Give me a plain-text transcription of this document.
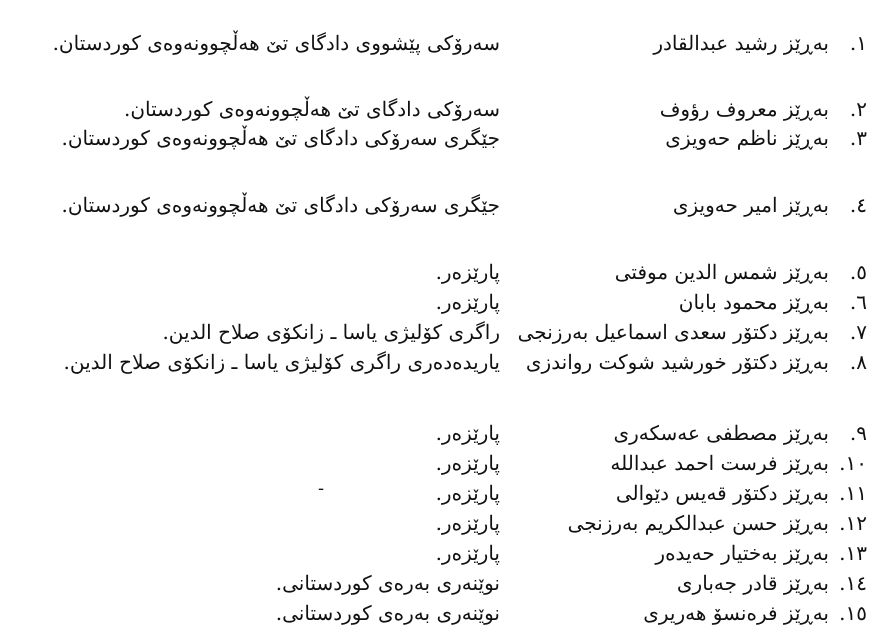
١.
بەڕێز رشید عبدالقادر
سەرۆکی پێشووی دادگای تێ هەڵچوونەوەی کوردستان.
٢.
بەڕێز معروف رؤوف
سەرۆکی دادگای تێ هەڵچوونەوەی کوردستان.
٣.
بەڕێز ناظم حەویزی
جێگری سەرۆکی دادگای تێ هەڵچوونەوەی کوردستان.
٤.
بەڕێز امیر حەویزی
جێگری سەرۆکی دادگای تێ هەڵچوونەوەی کوردستان.
٥.
بەڕێز شمس الدین موفتی
پارێزەر.
٦.
بەڕێز محمود بابان
پارێزەر.
٧.
بەڕێز دکتۆر سعدی اسماعیل بەرزنجی
راگری کۆلیژی یاسا ـ زانکۆی صلاح الدین.
٨.
بەڕێز دکتۆر خورشید شوکت رواندزی
یاریدەدەری راگری کۆلیژی یاسا ـ زانکۆی صلاح الدین.
٩.
بەڕێز مصطفی عەسکەری
پارێزەر.
١٠.
بەڕێز فرست احمد عبدالله
پارێزەر.
١١.
بەڕێز دکتۆر قەیس دێوالی
پارێزەر.
١٢.
بەڕێز حسن عبدالکریم بەرزنجی
پارێزەر.
١٣.
بەڕێز بەختیار حەیدەر
پارێزەر.
١٤.
بەڕێز قادر جەباری
نوێنەری بەرەی کوردستانی.
١٥.
بەڕێز فرەنسۆ هەریری
نوێنەری بەرەی کوردستانی.
-
